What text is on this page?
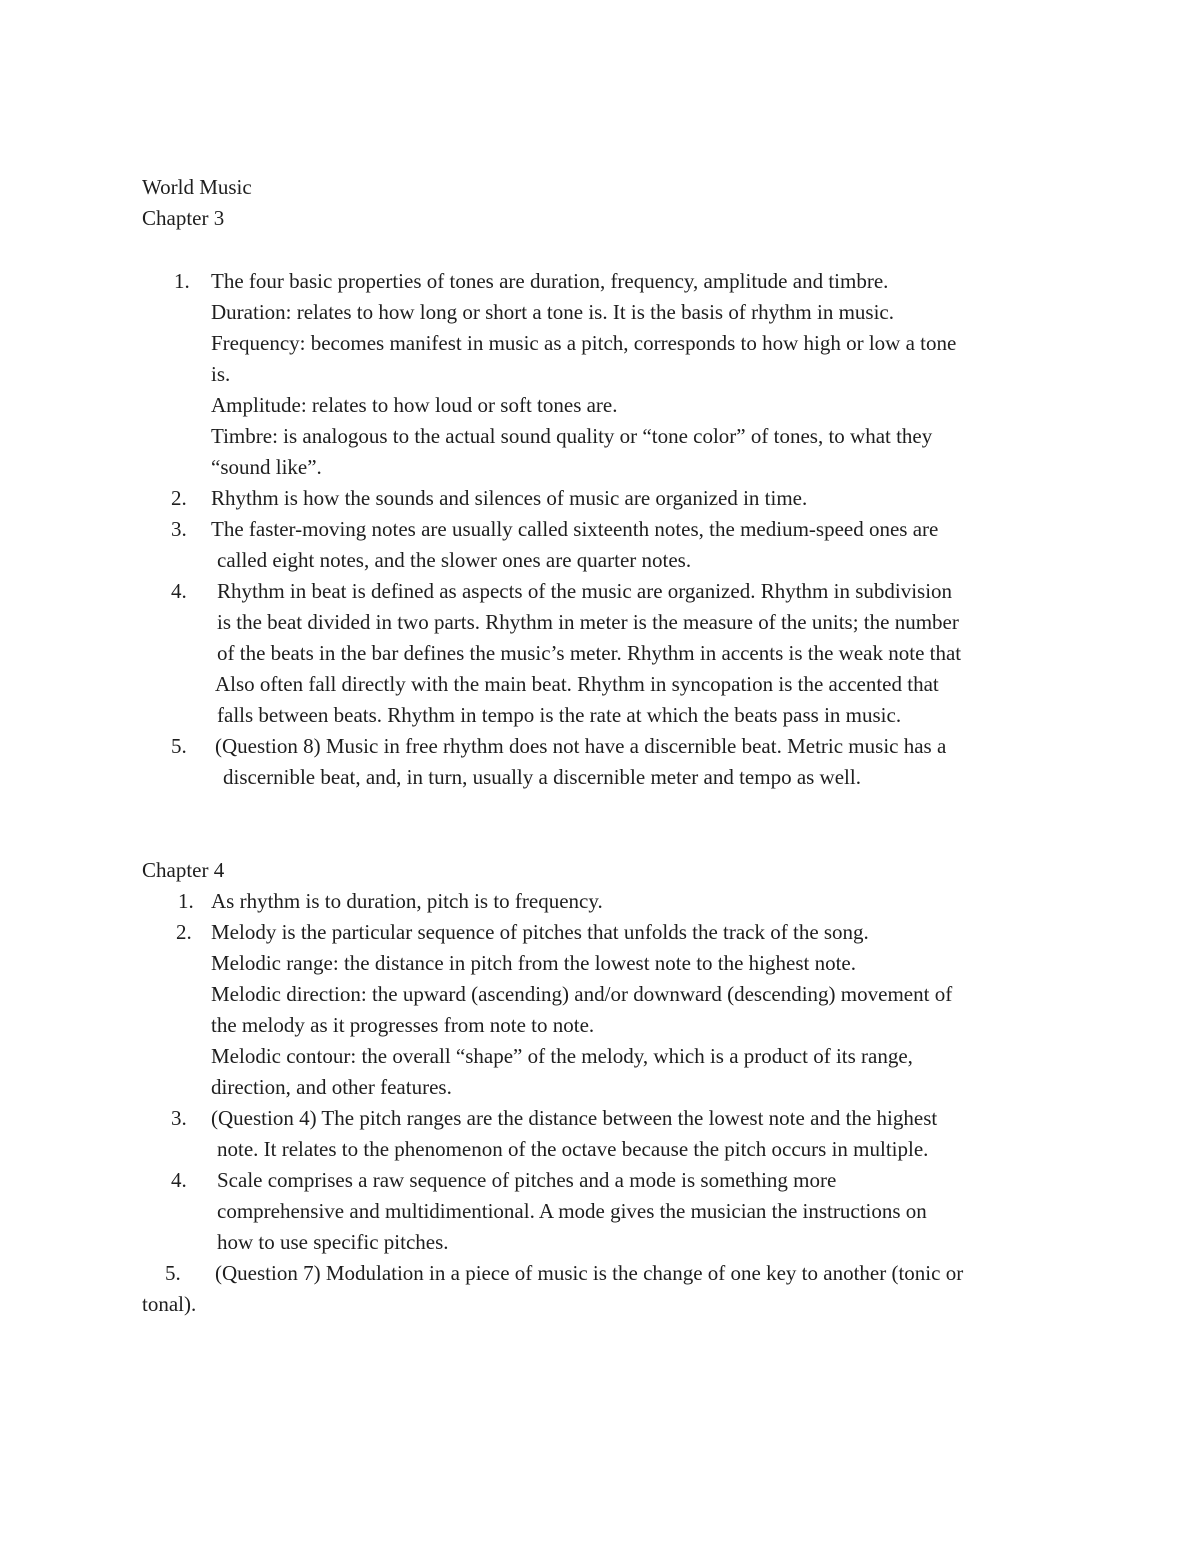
World Music

Chapter 3

1. The four basic properties of tones are duration, frequency, amplitude and timbre.

Duration: relates to how long or short a tone is. It is the basis of rhythm in music.

Frequency: becomes manifest in music as a pitch, corresponds to how high or low a tone

is.

Amplitude: relates to how loud or soft tones are.

Timbre: is analogous to the actual sound quality or “tone color” of tones, to what they

“sound like”.

2. Rhythm is how the sounds and silences of music are organized in time.

3. The faster-moving notes are usually called sixteenth notes, the medium-speed ones are

called eight notes, and the slower ones are quarter notes.

4. Rhythm in beat is defined as aspects of the music are organized. Rhythm in subdivision

is the beat divided in two parts. Rhythm in meter is the measure of the units; the number

of the beats in the bar defines the music’s meter. Rhythm in accents is the weak note that

Also often fall directly with the main beat. Rhythm in syncopation is the accented that

falls between beats. Rhythm in tempo is the rate at which the beats pass in music.

5. (Question 8) Music in free rhythm does not have a discernible beat. Metric music has a

discernible beat, and, in turn, usually a discernible meter and tempo as well.

Chapter 4

1. As rhythm is to duration, pitch is to frequency.

2. Melody is the particular sequence of pitches that unfolds the track of the song.

Melodic range: the distance in pitch from the lowest note to the highest note.

Melodic direction: the upward (ascending) and/or downward (descending) movement of

the melody as it progresses from note to note.

Melodic contour: the overall “shape” of the melody, which is a product of its range,

direction, and other features.

3. (Question 4) The pitch ranges are the distance between the lowest note and the highest

note. It relates to the phenomenon of the octave because the pitch occurs in multiple.

4. Scale comprises a raw sequence of pitches and a mode is something more

comprehensive and multidimentional. A mode gives the musician the instructions on

how to use specific pitches.

5. (Question 7) Modulation in a piece of music is the change of one key to another (tonic or

tonal).
